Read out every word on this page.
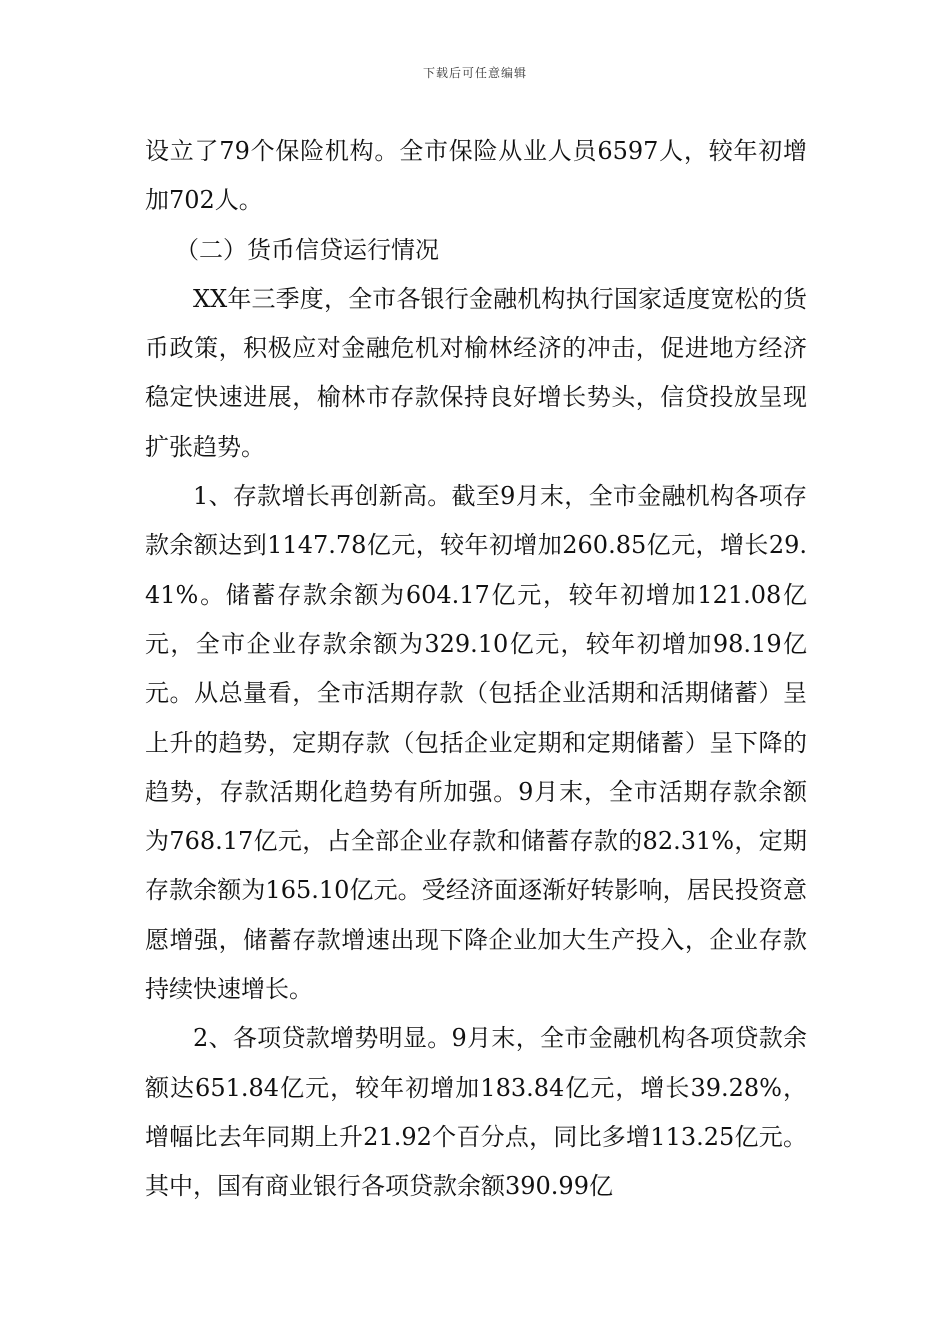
下载后可任意编辑

设立了79个保险机构。全市保险从业人员6597人，较年初增加702人。

（二）货币信贷运行情况

XX年三季度，全市各银行金融机构执行国家适度宽松的货币政策，积极应对金融危机对榆林经济的冲击，促进地方经济稳定快速进展，榆林市存款保持良好增长势头，信贷投放呈现扩张趋势。

1、存款增长再创新高。截至9月末，全市金融机构各项存款余额达到1147.78亿元，较年初增加260.85亿元，增长29.41%。储蓄存款余额为604.17亿元，较年初增加121.08亿元，全市企业存款余额为329.10亿元，较年初增加98.19亿元。从总量看，全市活期存款（包括企业活期和活期储蓄）呈上升的趋势，定期存款（包括企业定期和定期储蓄）呈下降的趋势，存款活期化趋势有所加强。9月末，全市活期存款余额为768.17亿元，占全部企业存款和储蓄存款的82.31%，定期存款余额为165.10亿元。受经济面逐渐好转影响，居民投资意愿增强，储蓄存款增速出现下降企业加大生产投入，企业存款持续快速增长。

2、各项贷款增势明显。9月末，全市金融机构各项贷款余额达651.84亿元，较年初增加183.84亿元，增长39.28%，增幅比去年同期上升21.92个百分点，同比多增113.25亿元。其中，国有商业银行各项贷款余额390.99亿
